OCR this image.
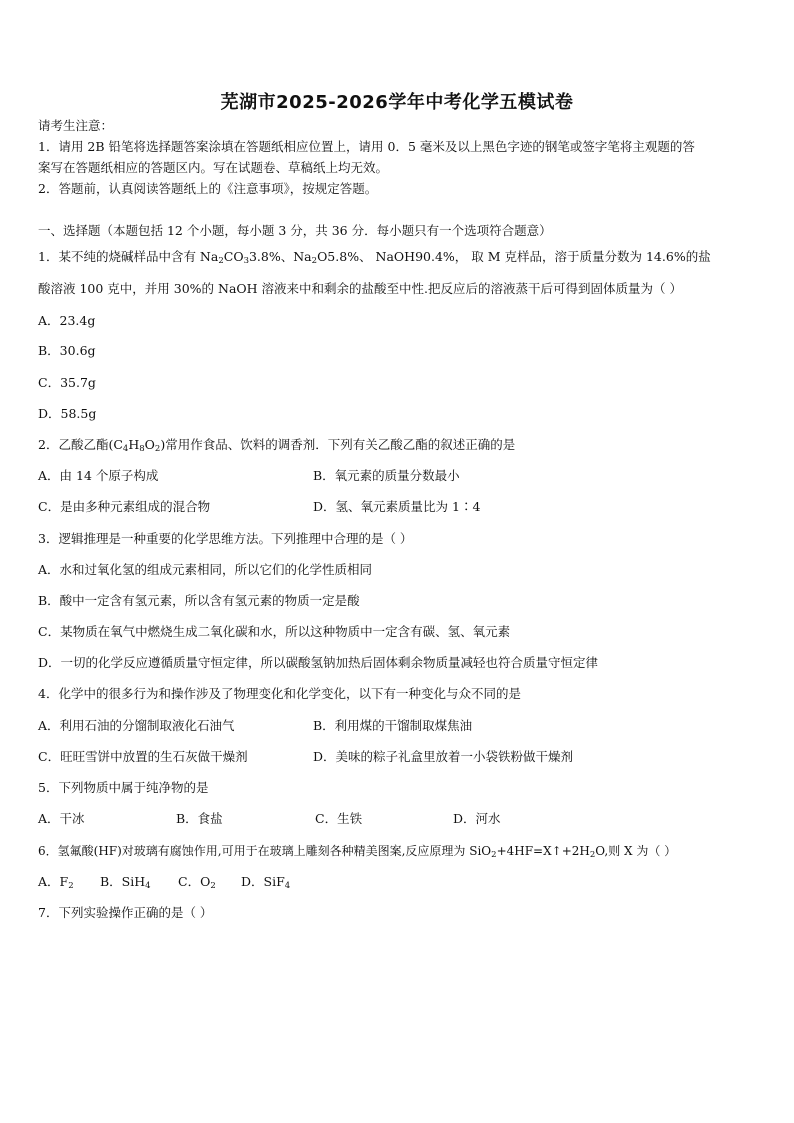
芜湖市2025-2026学年中考化学五模试卷
请考生注意：
1．请用 2B 铅笔将选择题答案涂填在答题纸相应位置上，请用 0．5 毫米及以上黑色字迹的钢笔或签字笔将主观题的答
案写在答题纸相应的答题区内。写在试题卷、草稿纸上均无效。
2．答题前，认真阅读答题纸上的《注意事项》，按规定答题。
一、选择题（本题包括 12 个小题，每小题 3 分，共 36 分．每小题只有一个选项符合题意）
1．某不纯的烧碱样品中含有 $Na_2CO_33.8\%$、$Na_2O5.8\%$、 NaOH90.4%， 取 M 克样品，溶于质量分数为 14.6%的盐
酸溶液 100 克中，并用 30%的 NaOH 溶液来中和剩余的盐酸至中性.把反应后的溶液蒸干后可得到固体质量为（ ）
A．23.4g
B．30.6g
C．35.7g
D．58.5g
2．乙酸乙酯$(C_4H_8O_2)$常用作食品、饮料的调香剂．下列有关乙酸乙酯的叙述正确的是
A．由 14 个原子构成	B．氧元素的质量分数最小
C．是由多种元素组成的混合物	D．氢、氧元素质量比为 1∶4
3．逻辑推理是一种重要的化学思维方法。下列推理中合理的是（ ）
A．水和过氧化氢的组成元素相同，所以它们的化学性质相同
B．酸中一定含有氢元素，所以含有氢元素的物质一定是酸
C．某物质在氧气中燃烧生成二氧化碳和水，所以这种物质中一定含有碳、氢、氧元素
D．一切的化学反应遵循质量守恒定律，所以碳酸氢钠加热后固体剩余物质量减轻也符合质量守恒定律
4．化学中的很多行为和操作涉及了物理变化和化学变化，以下有一种变化与众不同的是
A．利用石油的分馏制取液化石油气	B．利用煤的干馏制取煤焦油
C．旺旺雪饼中放置的生石灰做干燥剂	D．美味的粽子礼盒里放着一小袋铁粉做干燥剂
5．下列物质中属于纯净物的是
A．干冰	B．食盐	C．生铁	D．河水
6．氢氟酸(HF)对玻璃有腐蚀作用,可用于在玻璃上雕刻各种精美图案,反应原理为 $SiO_2+4HF=X↑+2H_2O$,则 X 为（ ）
A．$F_2$ B．SiH$_4$ C．$O_2$ D．SiF$_4$
7．下列实验操作正确的是（ ）
